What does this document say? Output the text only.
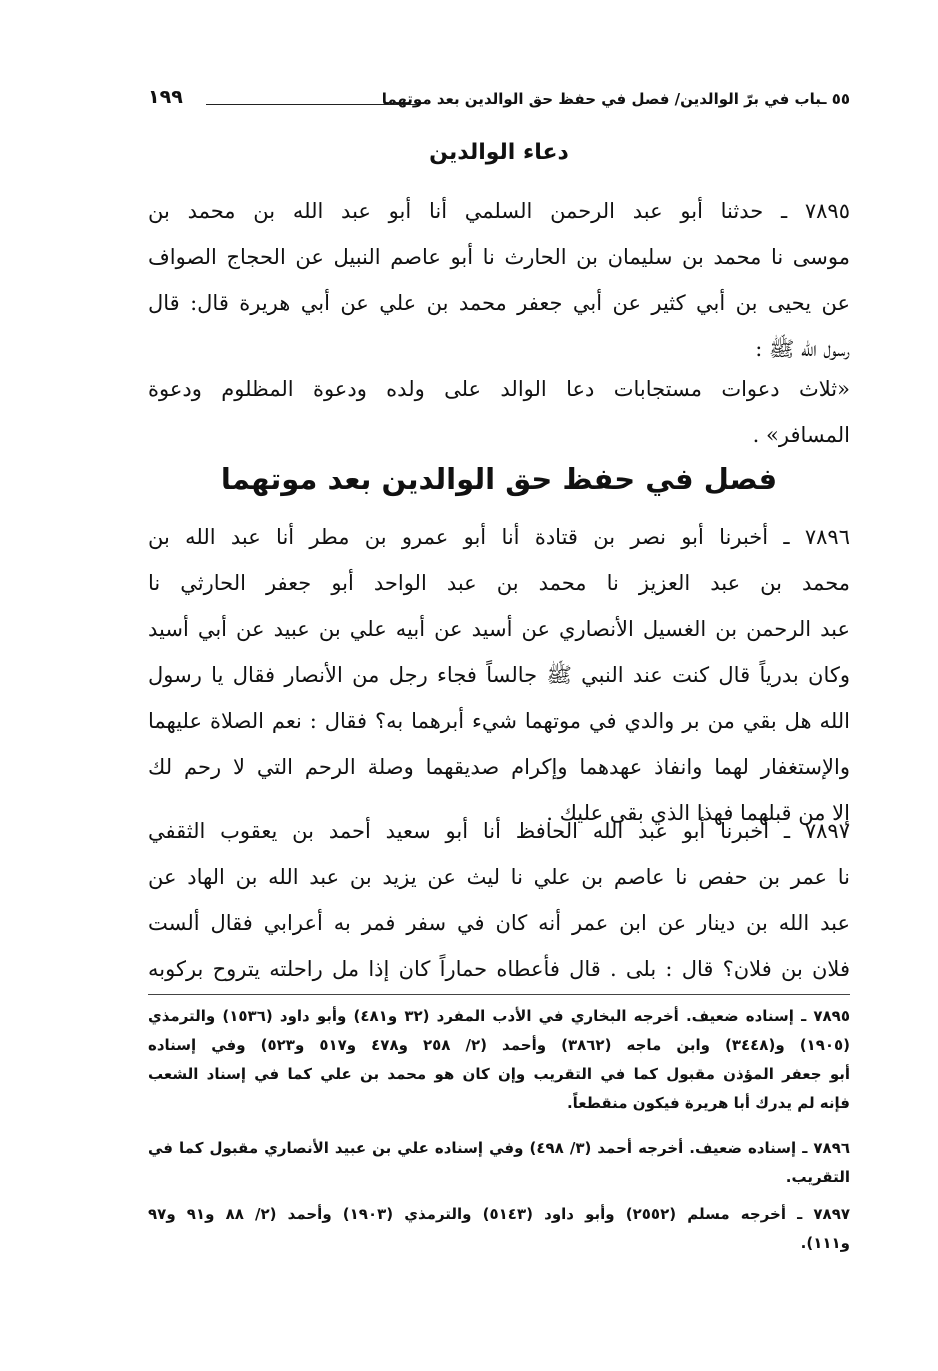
٥٥ ـباب في برّ الوالدين/ فصل في حفظ حق الوالدين بعد موتهما
١٩٩
دعاء الوالدين
٧٨٩٥ ـ حدثنا أبو عبد الرحمن السلمي أنا أبو عبد الله بن محمد بن
موسى نا محمد بن سليمان بن الحارث نا أبو عاصم النبيل عن الحجاج الصواف
عن يحيى بن أبي كثير عن أبي جعفر محمد بن علي عن أبي هريرة قال: قال
رسول الله ﷺ :
«ثلاث دعوات مستجابات دعا الوالد على ولده ودعوة المظلوم ودعوة
المسافر» .
فصل في حفظ حق الوالدين بعد موتهما
٧٨٩٦ ـ أخبرنا أبو نصر بن قتادة أنا أبو عمرو بن مطر أنا عبد الله بن
محمد بن عبد العزيز نا محمد بن عبد الواحد أبو جعفر الحارثي نا
عبد الرحمن بن الغسيل الأنصاري عن أسيد عن أبيه علي بن عبيد عن أبي أسيد
وكان بدرياً قال كنت عند النبي ﷺ جالساً فجاء رجل من الأنصار فقال يا رسول
الله هل بقي من بر والدي في موتهما شيء أبرهما به؟ فقال : نعم الصلاة عليهما
والإستغفار لهما وانفاذ عهدهما وإكرام صديقهما وصلة الرحم التي لا رحم لك
إلا من قبلهما فهذا الذي بقى عليك .
٧٨٩٧ ـ أخبرنا أبو عبد الله الحافظ أنا أبو سعيد أحمد بن يعقوب الثقفي
نا عمر بن حفص نا عاصم بن علي نا ليث عن يزيد بن عبد الله بن الهاد عن
عبد الله بن دينار عن ابن عمر أنه كان في سفر فمر به أعرابي فقال ألست
فلان بن فلان؟ قال : بلى . قال فأعطاه حماراً كان إذا مل راحلته يتروح بركوبه
٧٨٩٥ ـ إسناده ضعيف. أخرجه البخاري في الأدب المفرد (٣٢ و٤٨١) وأبو داود (١٥٣٦) والترمذي
(١٩٠٥) و(٣٤٤٨) وابن ماجه (٣٨٦٢) وأحمد (٢/ ٢٥٨ و٤٧٨ و٥١٧ و٥٢٣) وفي إسناده
أبو جعفر المؤذن مقبول كما في التقريب وإن كان هو محمد بن علي كما في إسناد الشعب
فإنه لم يدرك أبا هريرة فيكون منقطعاً.
٧٨٩٦ ـ إسناده ضعيف. أخرجه أحمد (٣/ ٤٩٨) وفي إسناده علي بن عبيد الأنصاري مقبول كما في
التقريب.
٧٨٩٧ ـ أخرجه مسلم (٢٥٥٢) وأبو داود (٥١٤٣) والترمذي (١٩٠٣) وأحمد (٢/ ٨٨ و٩١ و٩٧
و١١١).
